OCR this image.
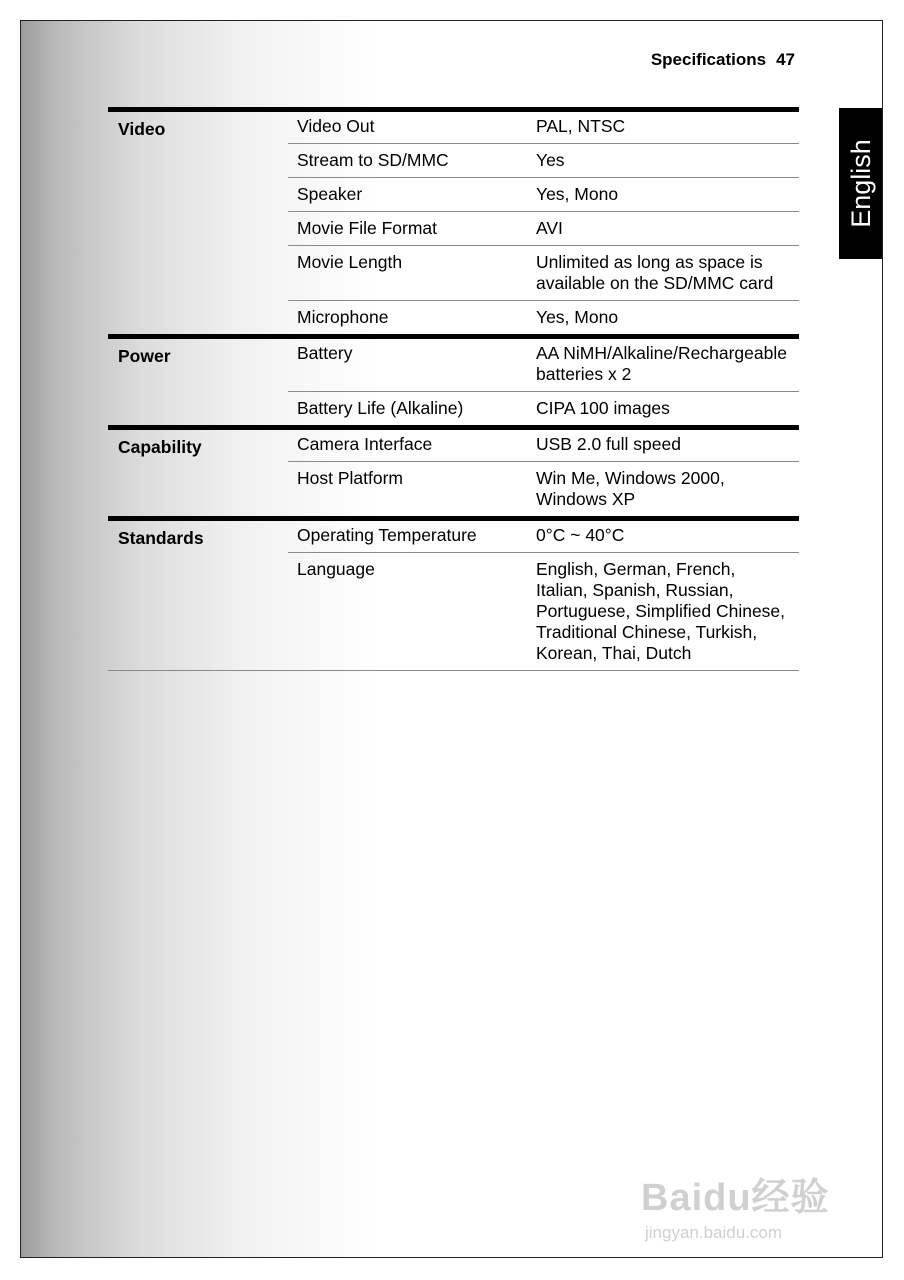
Specifications 47
English
Video	Video Out	PAL, NTSC

	Stream to SD/MMC	Yes

	Speaker	Yes, Mono

	Movie File Format	AVI

	Movie Length	Unlimited as long as space is
available on the SD/MMC card

	Microphone	Yes, Mono

Power	Battery	AA NiMH/Alkaline/Rechargeable
batteries x 2

	Battery Life (Alkaline)	CIPA 100 images

Capability	Camera Interface	USB 2.0 full speed

	Host Platform	Win Me, Windows 2000,
Windows XP

Standards	Operating Temperature	0°C ~ 40°C

	Language	English, German, French,
Italian, Spanish, Russian,
Portuguese, Simplified Chinese,
Traditional Chinese, Turkish,
Korean, Thai, Dutch
Baidu经验
jingyan.baidu.com
